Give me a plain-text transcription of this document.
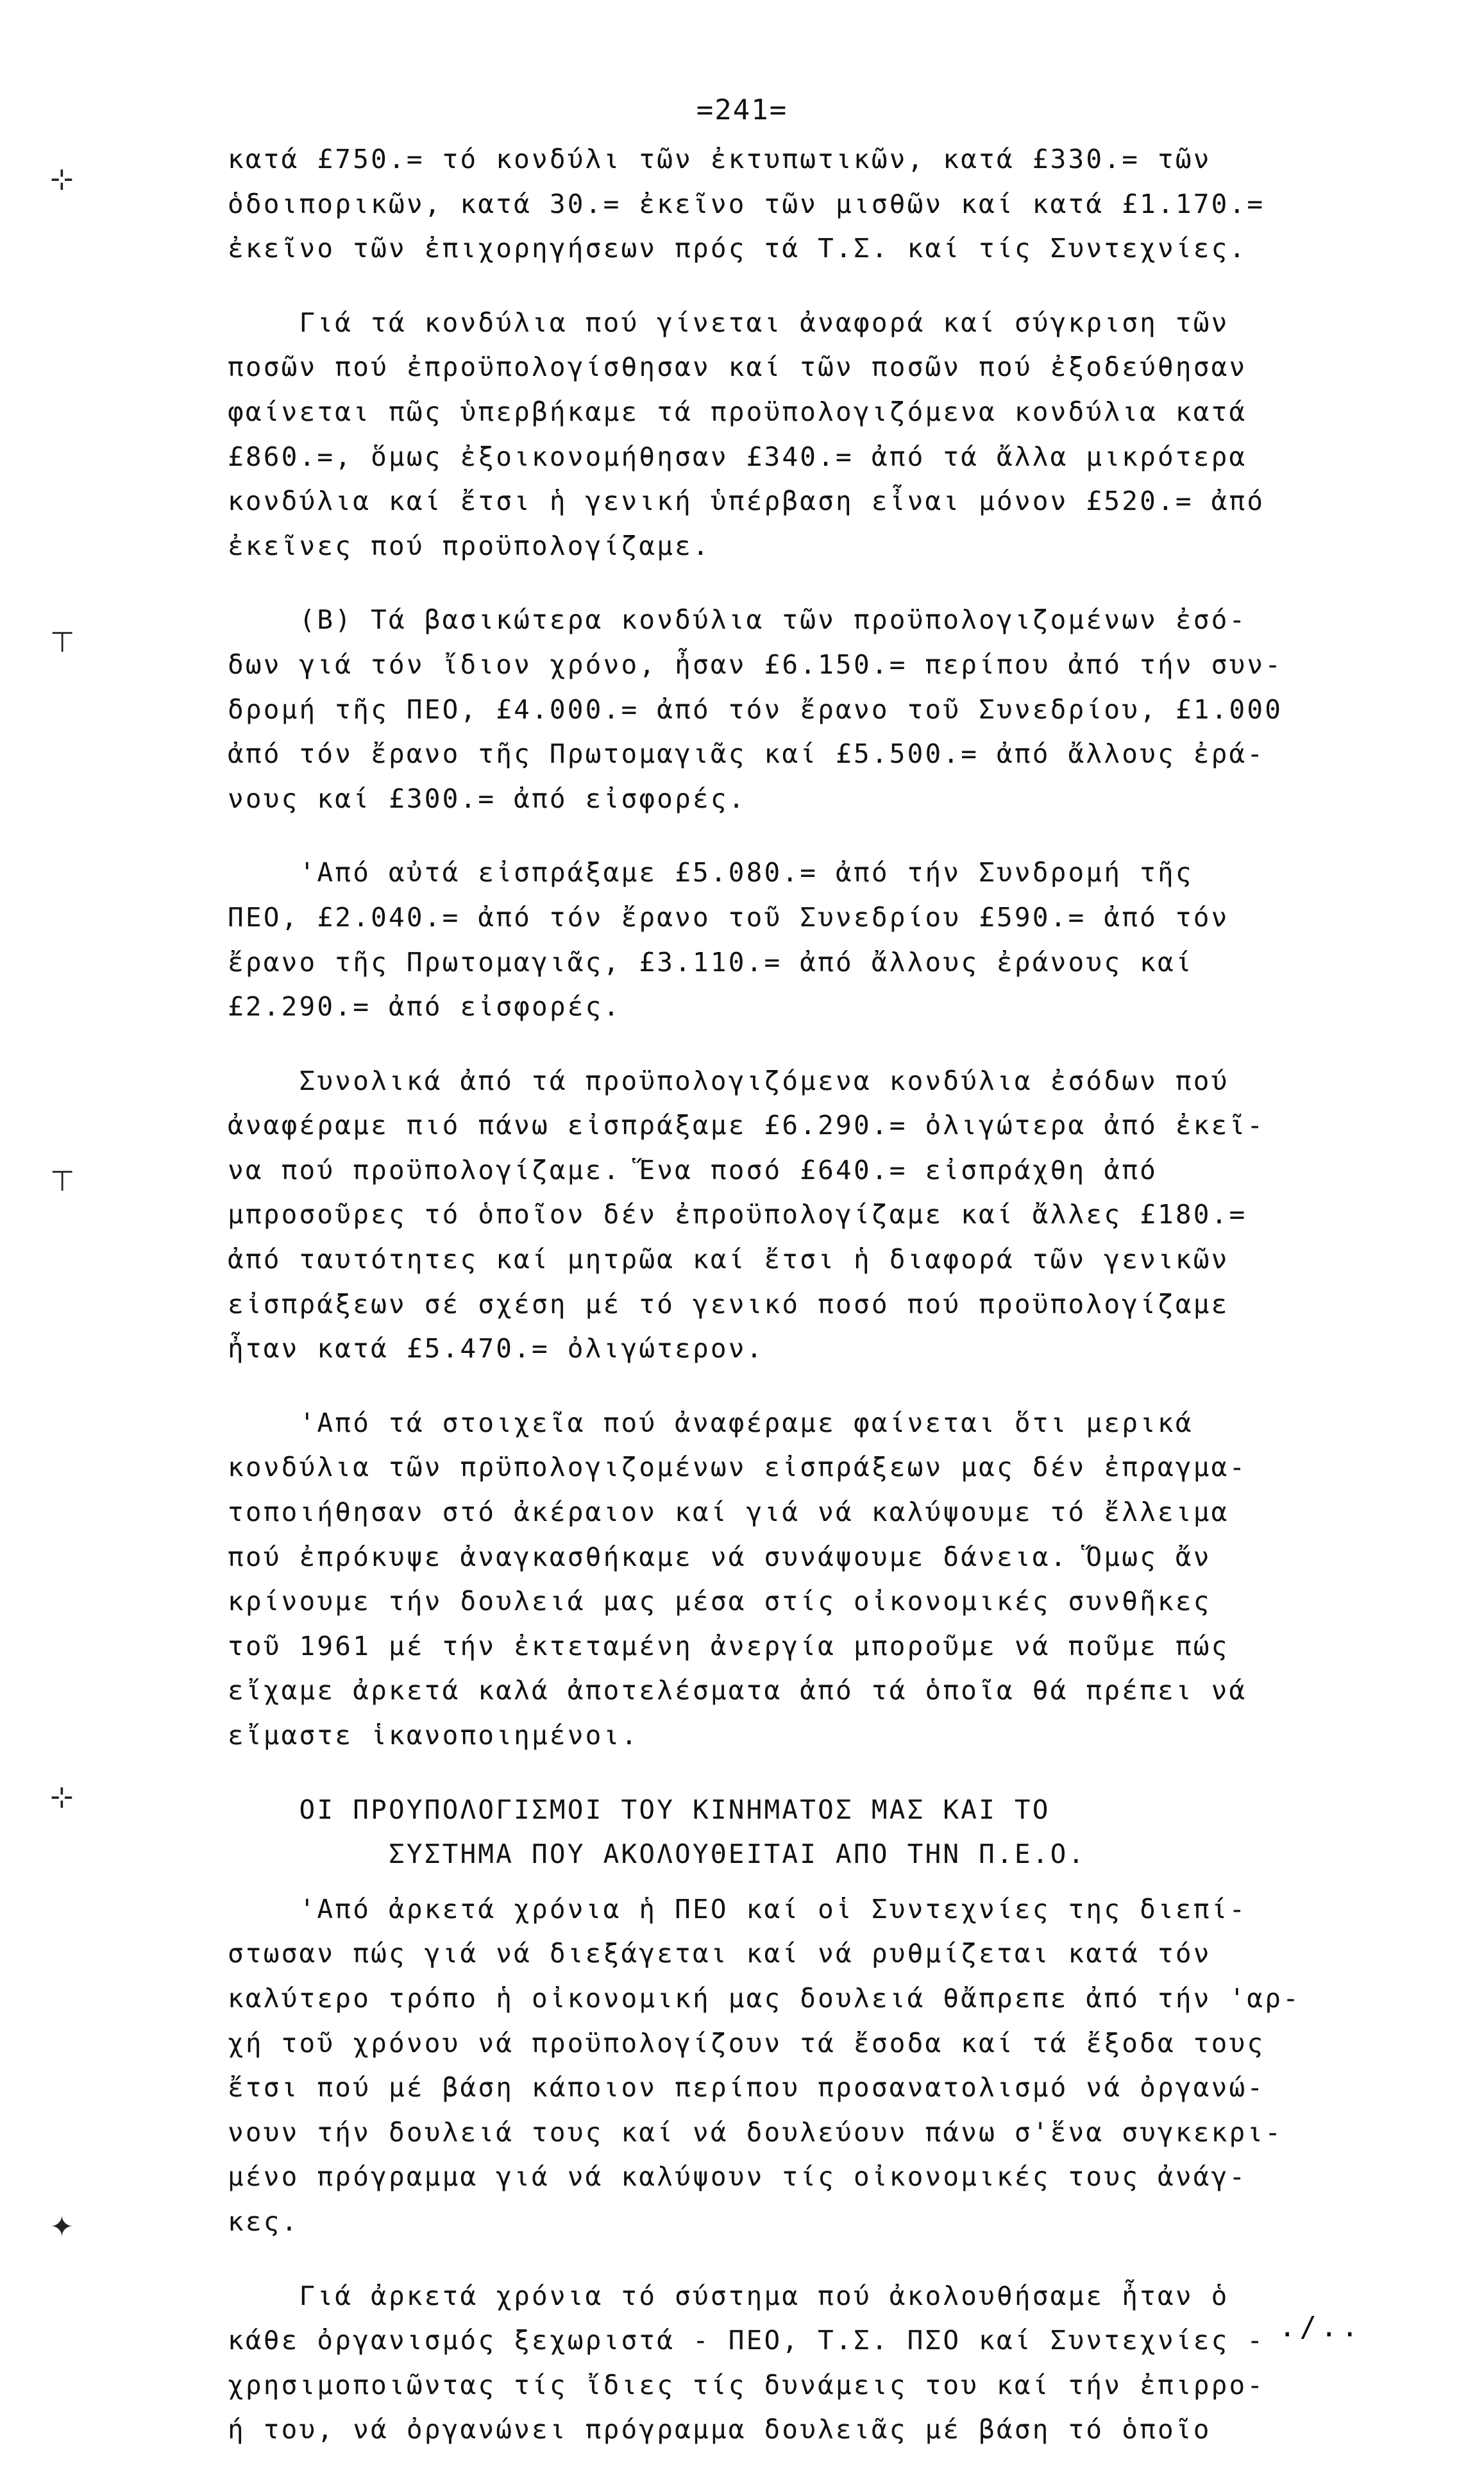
=241=
⊹
⊤
⊤
⊹
✦
κατά £750.= τό κονδύλι τῶν ἐκτυπωτικῶν, κατά £330.= τῶν
ὁδοιπορικῶν, κατά 30.= ἐκεῖνο τῶν μισθῶν καί κατά £1.170.=
ἐκεῖνο τῶν ἐπιχορηγήσεων πρός τά Τ.Σ. καί τίς Συντεχνίες.
Γιά τά κονδύλια πού γίνεται ἀναφορά καί σύγκριση τῶν
ποσῶν πού ἐπροϋπολογίσθησαν καί τῶν ποσῶν πού ἐξοδεύθησαν
φαίνεται πῶς ὑπερβήκαμε τά προϋπολογιζόμενα κονδύλια κατά
£860.=, ὅμως ἐξοικονομήθησαν £340.= ἀπό τά ἄλλα μικρότερα
κονδύλια καί ἔτσι ἡ γενική ὑπέρβαση εἶναι μόνον £520.= ἀπό
ἐκεῖνες πού προϋπολογίζαμε.
(Β) Τά βασικώτερα κονδύλια τῶν προϋπολογιζομένων ἐσό-
δων γιά τόν ἴδιον χρόνο, ἦσαν £6.150.= περίπου ἀπό τήν συν-
δρομή τῆς ΠΕΟ, £4.000.= ἀπό τόν ἔρανο τοῦ Συνεδρίου, £1.000
ἀπό τόν ἔρανο τῆς Πρωτομαγιᾶς καί £5.500.= ἀπό ἄλλους ἐρά-
νους καί £300.= ἀπό εἰσφορές.
'Από αὐτά εἰσπράξαμε £5.080.= ἀπό τήν Συνδρομή τῆς
ΠΕΟ, £2.040.= ἀπό τόν ἔρανο τοῦ Συνεδρίου £590.= ἀπό τόν
ἔρανο τῆς Πρωτομαγιᾶς, £3.110.= ἀπό ἄλλους ἐράνους καί
£2.290.= ἀπό εἰσφορές.
Συνολικά ἀπό τά προϋπολογιζόμενα κονδύλια ἐσόδων πού
ἀναφέραμε πιό πάνω εἰσπράξαμε £6.290.= ὀλιγώτερα ἀπό ἐκεῖ-
να πού προϋπολογίζαμε. Ἕνα ποσό £640.= εἰσπράχθη ἀπό
μπροσοῦρες τό ὁποῖον δέν ἐπροϋπολογίζαμε καί ἄλλες £180.=
ἀπό ταυτότητες καί μητρῶα καί ἔτσι ἡ διαφορά τῶν γενικῶν
εἰσπράξεων σέ σχέση μέ τό γενικό ποσό πού προϋπολογίζαμε
ἦταν κατά £5.470.= ὀλιγώτερον.
'Από τά στοιχεῖα πού ἀναφέραμε φαίνεται ὅτι μερικά
κονδύλια τῶν πρϋπολογιζομένων εἰσπράξεων μας δέν ἐπραγμα-
τοποιήθησαν στό ἀκέραιον καί γιά νά καλύψουμε τό ἔλλειμα
πού ἐπρόκυψε ἀναγκασθήκαμε νά συνάψουμε δάνεια. Ὅμως ἄν
κρίνουμε τήν δουλειά μας μέσα στίς οἰκονομικές συνθῆκες
τοῦ 1961 μέ τήν ἐκτεταμένη ἀνεργία μποροῦμε νά ποῦμε πώς
εἴχαμε ἀρκετά καλά ἀποτελέσματα ἀπό τά ὁποῖα θά πρέπει νά
εἴμαστε ἱκανοποιημένοι.
ΟΙ ΠΡΟΥΠΟΛΟΓΙΣΜΟΙ ΤΟΥ ΚΙΝΗΜΑΤΟΣ ΜΑΣ ΚΑΙ ΤΟ
ΣΥΣΤΗΜΑ ΠΟΥ ΑΚΟΛΟΥΘΕΙΤΑΙ ΑΠΟ ΤΗΝ Π.Ε.Ο.
'Από ἀρκετά χρόνια ἡ ΠΕΟ καί οἱ Συντεχνίες της διεπί-
στωσαν πώς γιά νά διεξάγεται καί νά ρυθμίζεται κατά τόν
καλύτερο τρόπο ἡ οἰκονομική μας δουλειά θἄπρεπε ἀπό τήν 'αρ-
χή τοῦ χρόνου νά προϋπολογίζουν τά ἔσοδα καί τά ἔξοδα τους
ἔτσι πού μέ βάση κάποιον περίπου προσανατολισμό νά ὀργανώ-
νουν τήν δουλειά τους καί νά δουλεύουν πάνω σ'ἕνα συγκεκρι-
μένο πρόγραμμα γιά νά καλύψουν τίς οἰκονομικές τους ἀνάγ-
κες.
Γιά ἀρκετά χρόνια τό σύστημα πού ἀκολουθήσαμε ἦταν ὁ
κάθε ὀργανισμός ξεχωριστά - ΠΕΟ, Τ.Σ. ΠΣΟ καί Συντεχνίες -
χρησιμοποιῶντας τίς ἴδιες τίς δυνάμεις του καί τήν ἐπιρρο-
ή του, νά ὀργανώνει πρόγραμμα δουλειᾶς μέ βάση τό ὁποῖο
./..
